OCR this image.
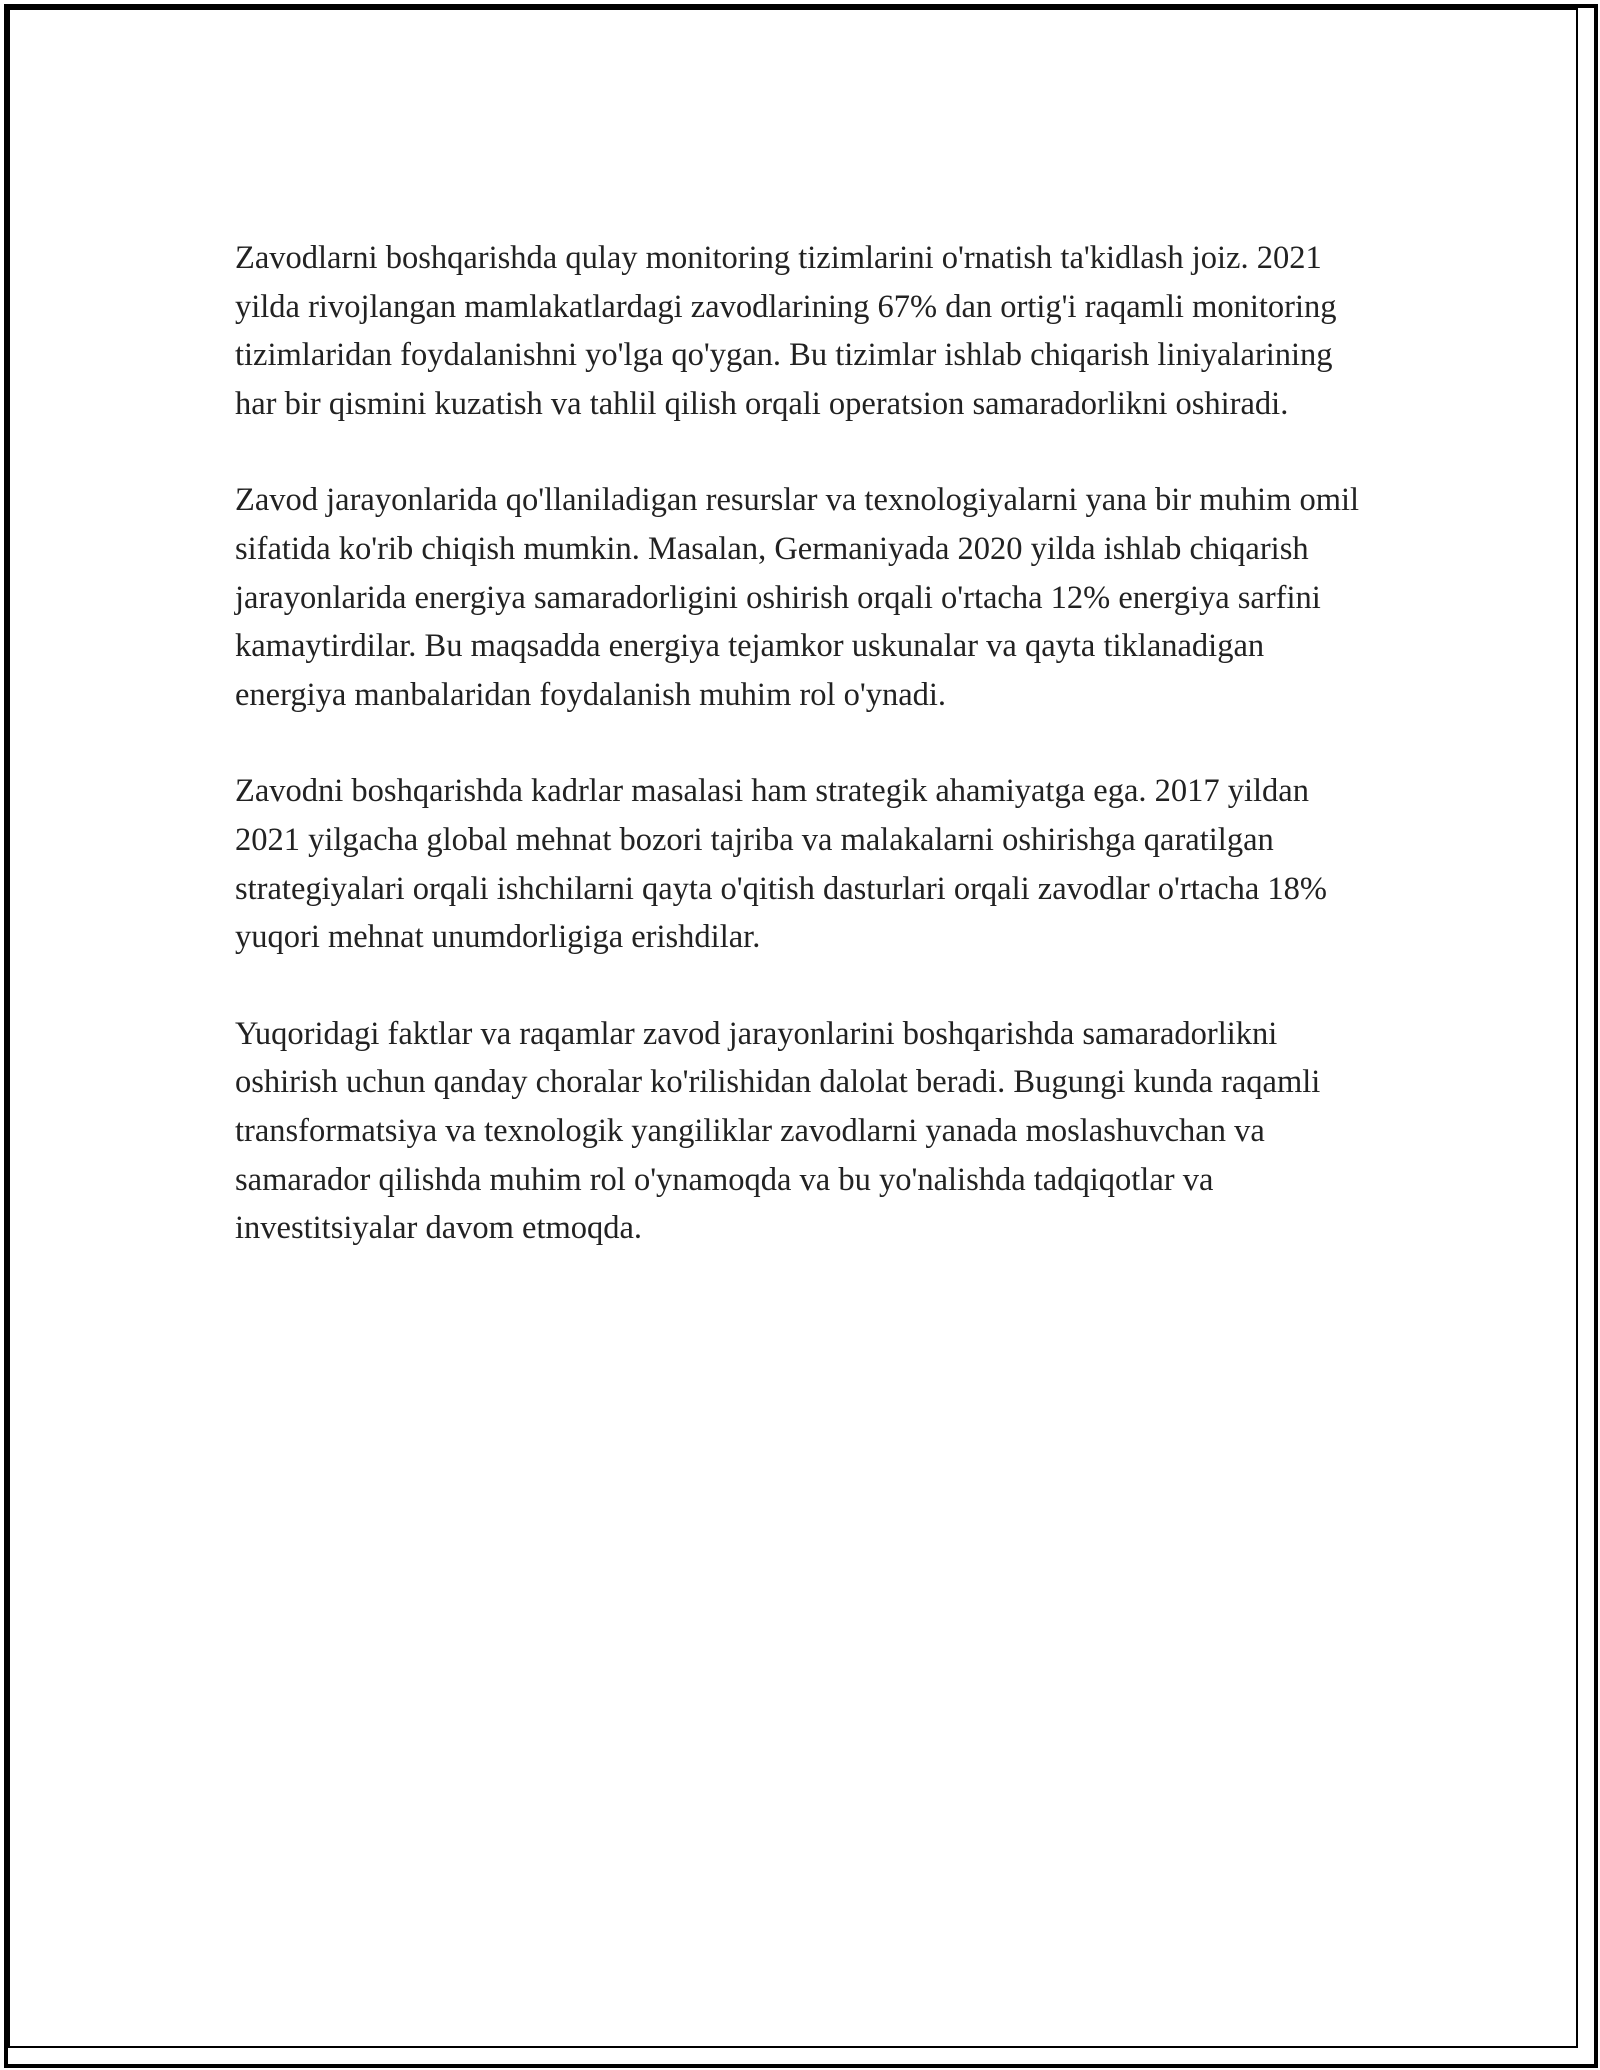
Zavodlarni boshqarishda qulay monitoring tizimlarini o'rnatish ta'kidlash joiz. 2021 yilda rivojlangan mamlakatlardagi zavodlarining 67% dan ortig'i raqamli monitoring tizimlaridan foydalanishni yo'lga qo'ygan. Bu tizimlar ishlab chiqarish liniyalarining har bir qismini kuzatish va tahlil qilish orqali operatsion samaradorlikni oshiradi.

Zavod jarayonlarida qo'llaniladigan resurslar va texnologiyalarni yana bir muhim omil sifatida ko'rib chiqish mumkin. Masalan, Germaniyada 2020 yilda ishlab chiqarish jarayonlarida energiya samaradorligini oshirish orqali o'rtacha 12% energiya sarfini kamaytirdilar. Bu maqsadda energiya tejamkor uskunalar va qayta tiklanadigan energiya manbalaridan foydalanish muhim rol o'ynadi.

Zavodni boshqarishda kadrlar masalasi ham strategik ahamiyatga ega. 2017 yildan 2021 yilgacha global mehnat bozori tajriba va malakalarni oshirishga qaratilgan strategiyalari orqali ishchilarni qayta o'qitish dasturlari orqali zavodlar o'rtacha 18% yuqori mehnat unumdorligiga erishdilar.

Yuqoridagi faktlar va raqamlar zavod jarayonlarini boshqarishda samaradorlikni oshirish uchun qanday choralar ko'rilishidan dalolat beradi. Bugungi kunda raqamli transformatsiya va texnologik yangiliklar zavodlarni yanada moslashuvchan va samarador qilishda muhim rol o'ynamoqda va bu yo'nalishda tadqiqotlar va investitsiyalar davom etmoqda.
